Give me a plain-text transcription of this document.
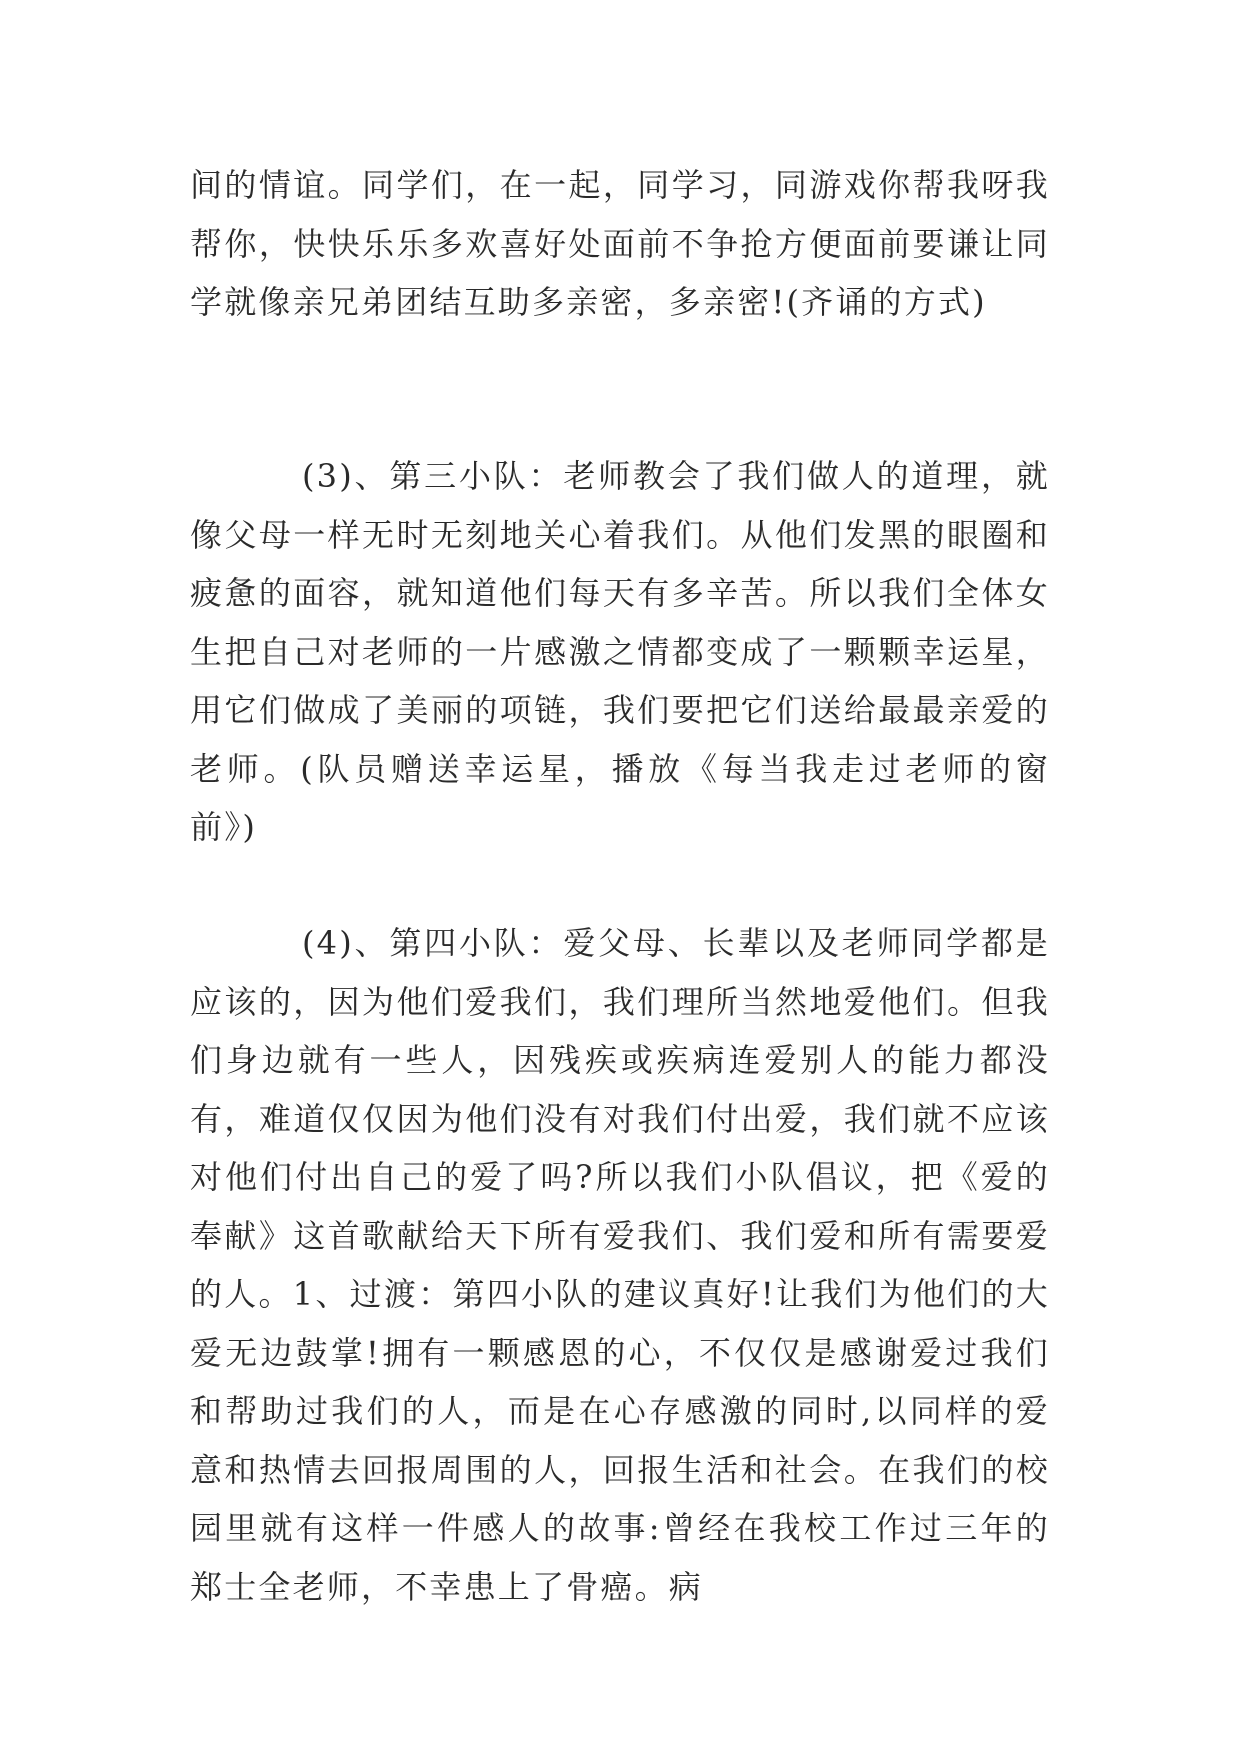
间的情谊。同学们，在一起，同学习，同游戏你帮我呀我帮你，快快乐乐多欢喜好处面前不争抢方便面前要谦让同学就像亲兄弟团结互助多亲密，多亲密!(齐诵的方式)

(3)、第三小队：老师教会了我们做人的道理，就像父母一样无时无刻地关心着我们。从他们发黑的眼圈和疲惫的面容，就知道他们每天有多辛苦。所以我们全体女生把自己对老师的一片感激之情都变成了一颗颗幸运星，用它们做成了美丽的项链，我们要把它们送给最最亲爱的老师。(队员赠送幸运星，播放《每当我走过老师的窗前》)

(4)、第四小队：爱父母、长辈以及老师同学都是应该的，因为他们爱我们，我们理所当然地爱他们。但我们身边就有一些人，因残疾或疾病连爱别人的能力都没有，难道仅仅因为他们没有对我们付出爱，我们就不应该对他们付出自己的爱了吗?所以我们小队倡议，把《爱的奉献》这首歌献给天下所有爱我们、我们爱和所有需要爱的人。1、过渡：第四小队的建议真好!让我们为他们的大爱无边鼓掌!拥有一颗感恩的心，不仅仅是感谢爱过我们和帮助过我们的人，而是在心存感激的同时,以同样的爱意和热情去回报周围的人，回报生活和社会。在我们的校园里就有这样一件感人的故事:曾经在我校工作过三年的郑士全老师，不幸患上了骨癌。病
